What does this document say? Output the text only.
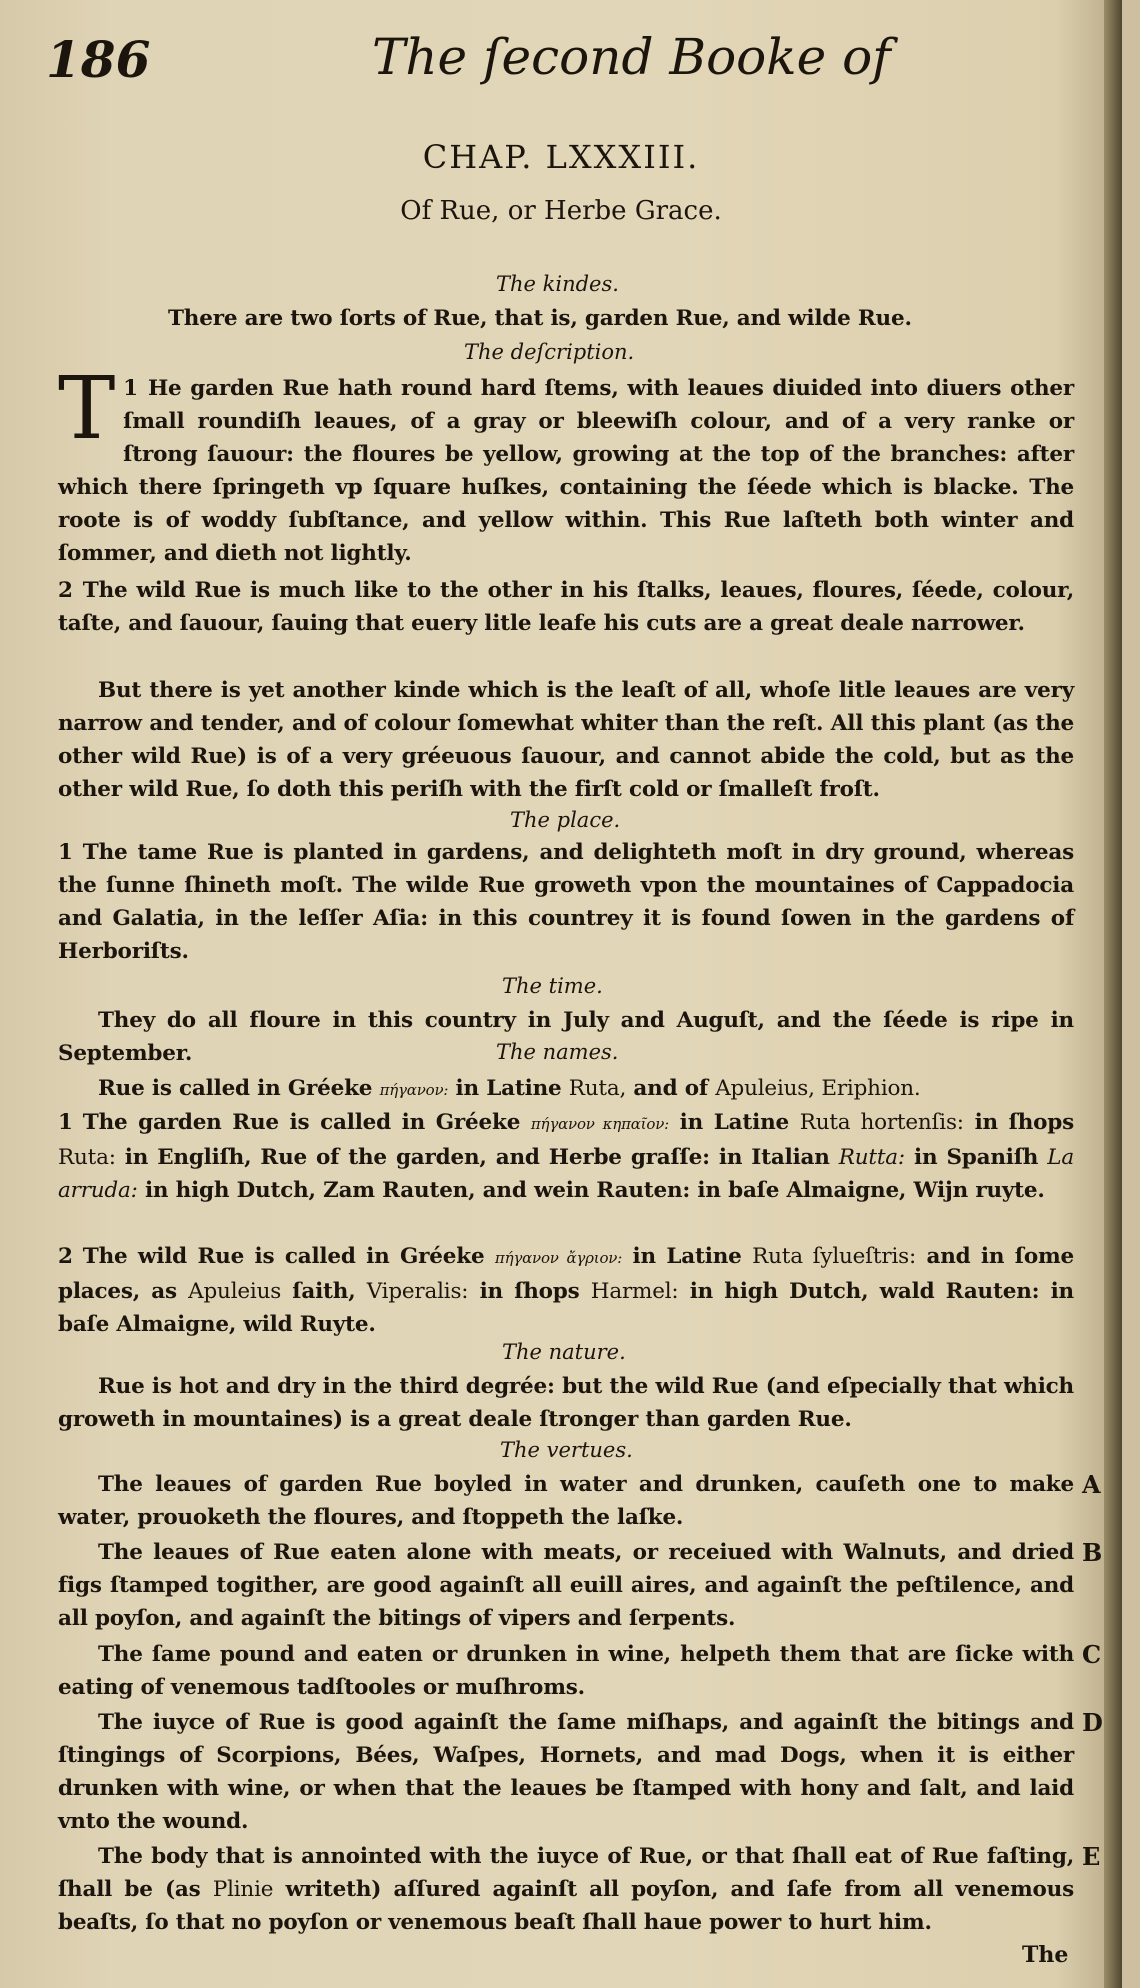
186	The ſecond Booke of
CHAP. LXXXIII.
Of Rue, or Herbe Grace.
The kindes.

There are two ſorts of Rue, that is, garden Rue, and wilde Rue.

The deſcription.

1
T He garden Rue hath round hard ſtems, with leaues diuided into diuers other ſmall roundiſh leaues, of a gray or bleewiſh colour, and of a very ranke or ſtrong ſauour: the floures be yellow, growing at the top of the branches: after which there ſpringeth vp ſquare huſkes, containing the ſéede which is blacke. The roote is of woddy ſubſtance, and yellow within. This Rue laſteth both winter and ſommer, and dieth not lightly.

2 The wild Rue is much like to the other in his ſtalks, leaues, floures, ſéede, colour, taſte, and ſauour, ſauing that euery litle leafe his cuts are a great deale narrower.

But there is yet another kinde which is the leaſt of all, whoſe litle leaues are very narrow and tender, and of colour ſomewhat whiter than the reſt. All this plant (as the other wild Rue) is of a very gréeuous ſauour, and cannot abide the cold, but as the other wild Rue, ſo doth this periſh with the firſt cold or ſmalleſt froſt.

The place.

1 The tame Rue is planted in gardens, and delighteth moſt in dry ground, whereas the ſunne ſhineth moſt. The wilde Rue groweth vpon the mountaines of Cappadocia and Galatia, in the leſſer Aſia: in this countrey it is found ſowen in the gardens of Herboriſts.

The time.

They do all floure in this country in July and Auguſt, and the ſéede is ripe in September.	The names.

Rue is called in Gréeke πήγανον: in Latine Ruta, and of Apuleius, Eriphion.

1 The garden Rue is called in Gréeke πήγανον κηπαῖον: in Latine Ruta hortenſis: in ſhops Ruta: in Engliſh, Rue of the garden, and Herbe graſſe: in Italian Rutta: in Spaniſh La arruda: in high Dutch, Zam Rauten, and wein Rauten: in baſe Almaigne, Wijn ruyte.

2 The wild Rue is called in Gréeke πήγανον ἄγριον: in Latine Ruta ſylueſtris: and in ſome places, as Apuleius ſaith, Viperalis: in ſhops Harmel: in high Dutch, wald Rauten: in baſe Almaigne, wild Ruyte.

The nature.

Rue is hot and dry in the third degrée: but the wild Rue (and eſpecially that which groweth in mountaines) is a great deale ſtronger than garden Rue.

The vertues.

The leaues of garden Rue boyled in water and drunken, cauſeth one to make water, prouoketh the floures, and ſtoppeth the laſke.

A

The leaues of Rue eaten alone with meats, or receiued with Walnuts, and dried figs ſtamped togither, are good againſt all euill aires, and againſt the peſtilence, and all poyſon, and againſt the bitings of vipers and ſerpents.

B

The ſame pound and eaten or drunken in wine, helpeth them that are ſicke with eating of venemous tadſtooles or muſhroms.

C

The iuyce of Rue is good againſt the ſame miſhaps, and againſt the bitings and ſtingings of Scorpions, Bées, Waſpes, Hornets, and mad Dogs, when it is either drunken with wine, or when that the leaues be ſtamped with hony and ſalt, and laid vnto the wound.

D

The body that is annointed with the iuyce of Rue, or that ſhall eat of Rue faſting, ſhall be (as Plinie writeth) aſſured againſt all poyſon, and ſafe from all venemous beaſts, ſo that no poyſon or venemous beaſt ſhall haue power to hurt him.

E
The
